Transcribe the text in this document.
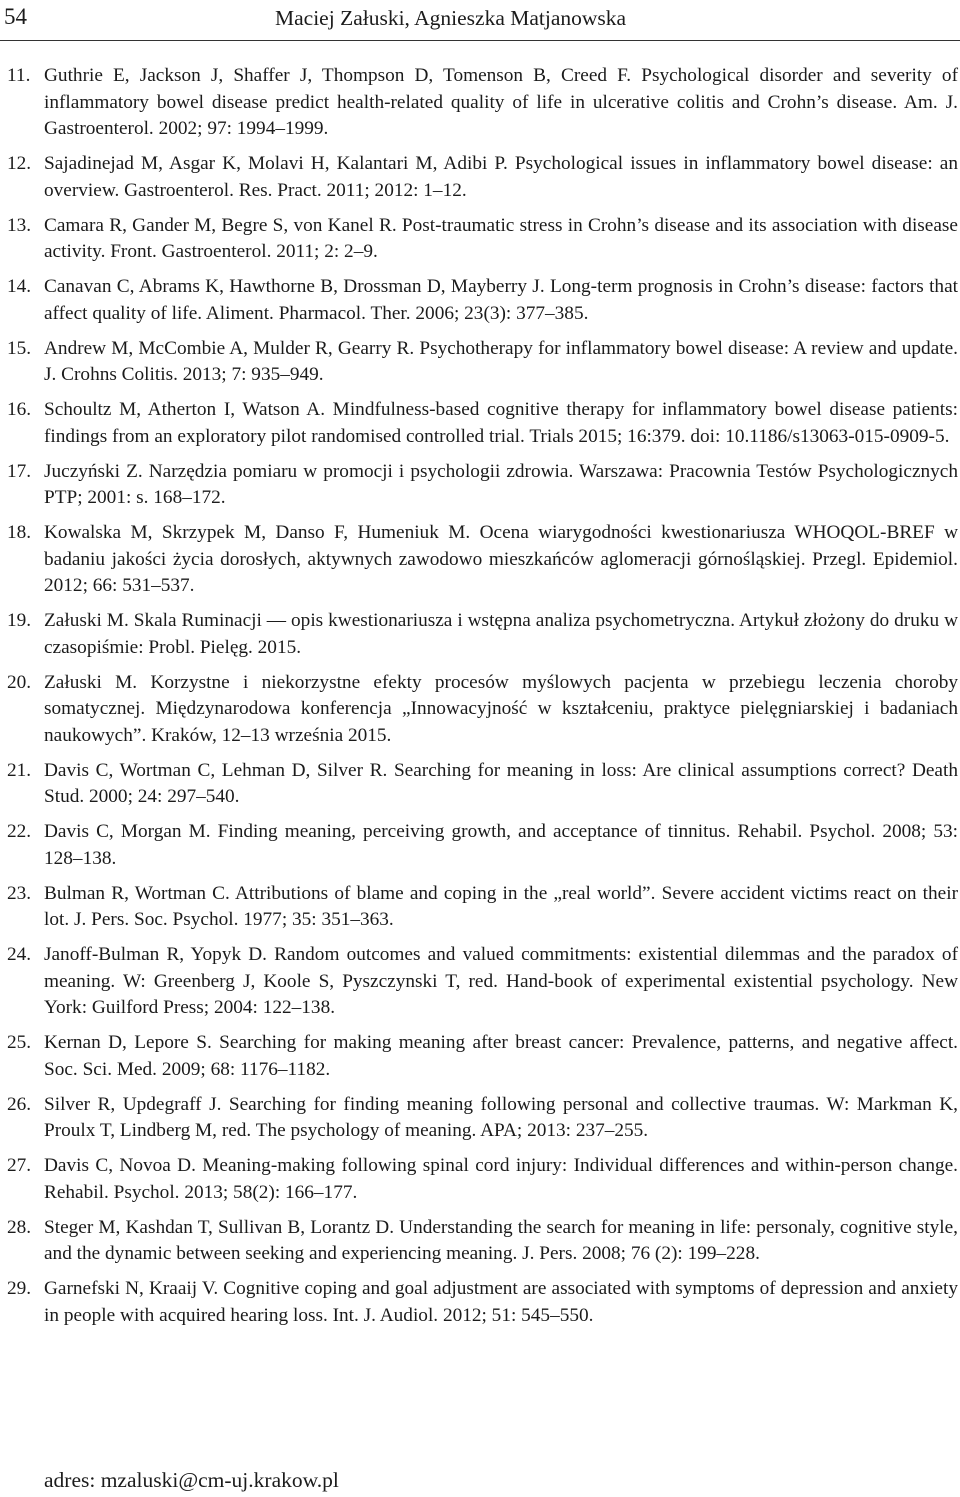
54	Maciej Załuski, Agnieszka Matjanowska
11. Guthrie E, Jackson J, Shaffer J, Thompson D, Tomenson B, Creed F. Psychological disorder and severity of inflammatory bowel disease predict health-related quality of life in ulcerative colitis and Crohn’s disease. Am. J. Gastroenterol. 2002; 97: 1994–1999.
12. Sajadinejad M, Asgar K, Molavi H, Kalantari M, Adibi P. Psychological issues in inflammatory bowel disease: an overview. Gastroenterol. Res. Pract. 2011; 2012: 1–12.
13. Camara R, Gander M, Begre S, von Kanel R. Post-traumatic stress in Crohn’s disease and its association with disease activity. Front. Gastroenterol. 2011; 2: 2–9.
14. Canavan C, Abrams K, Hawthorne B, Drossman D, Mayberry J. Long-term prognosis in Crohn’s disease: factors that affect quality of life. Aliment. Pharmacol. Ther. 2006; 23(3): 377–385.
15. Andrew M, McCombie A, Mulder R, Gearry R. Psychotherapy for inflammatory bowel disease: A review and update. J. Crohns Colitis. 2013; 7: 935–949.
16. Schoultz M, Atherton I, Watson A. Mindfulness-based cognitive therapy for inflammatory bowel disease patients: findings from an exploratory pilot randomised controlled trial. Trials 2015; 16:379. doi: 10.1186/s13063-015-0909-5.
17. Juczyński Z. Narzędzia pomiaru w promocji i psychologii zdrowia. Warszawa: Pracownia Testów Psychologicznych PTP; 2001: s. 168–172.
18. Kowalska M, Skrzypek M, Danso F, Humeniuk M. Ocena wiarygodności kwestionariusza WHOQOL-BREF w badaniu jakości życia dorosłych, aktywnych zawodowo mieszkańców aglomeracji górnośląskiej. Przegl. Epidemiol. 2012; 66: 531–537.
19. Załuski M. Skala Ruminacji — opis kwestionariusza i wstępna analiza psychometryczna. Artykuł złożony do druku w czasopiśmie: Probl. Pielęg. 2015.
20. Załuski M. Korzystne i niekorzystne efekty procesów myślowych pacjenta w przebiegu leczenia choroby somatycznej. Międzynarodowa konferencja „Innowacyjność w kształceniu, praktyce pielęgniarskiej i badaniach naukowych”. Kraków, 12–13 września 2015.
21. Davis C, Wortman C, Lehman D, Silver R. Searching for meaning in loss: Are clinical assumptions correct? Death Stud. 2000; 24: 297–540.
22. Davis C, Morgan M. Finding meaning, perceiving growth, and acceptance of tinnitus. Rehabil. Psychol. 2008; 53: 128–138.
23. Bulman R, Wortman C. Attributions of blame and coping in the „real world”. Severe accident victims react on their lot. J. Pers. Soc. Psychol. 1977; 35: 351–363.
24. Janoff-Bulman R, Yopyk D. Random outcomes and valued commitments: existential dilemmas and the paradox of meaning. W: Greenberg J, Koole S, Pyszczynski T, red. Hand-book of experimental existential psychology. New York: Guilford Press; 2004: 122–138.
25. Kernan D, Lepore S. Searching for making meaning after breast cancer: Prevalence, patterns, and negative affect. Soc. Sci. Med. 2009; 68: 1176–1182.
26. Silver R, Updegraff J. Searching for finding meaning following personal and collective traumas. W: Markman K, Proulx T, Lindberg M, red. The psychology of meaning. APA; 2013: 237–255.
27. Davis C, Novoa D. Meaning-making following spinal cord injury: Individual differences and within-person change. Rehabil. Psychol. 2013; 58(2): 166–177.
28. Steger M, Kashdan T, Sullivan B, Lorantz D. Understanding the search for meaning in life: personaly, cognitive style, and the dynamic between seeking and experiencing meaning. J. Pers. 2008; 76 (2): 199–228.
29. Garnefski N, Kraaij V. Cognitive coping and goal adjustment are associated with symptoms of depression and anxiety in people with acquired hearing loss. Int. J. Audiol. 2012; 51: 545–550.
adres: mzaluski@cm-uj.krakow.pl
